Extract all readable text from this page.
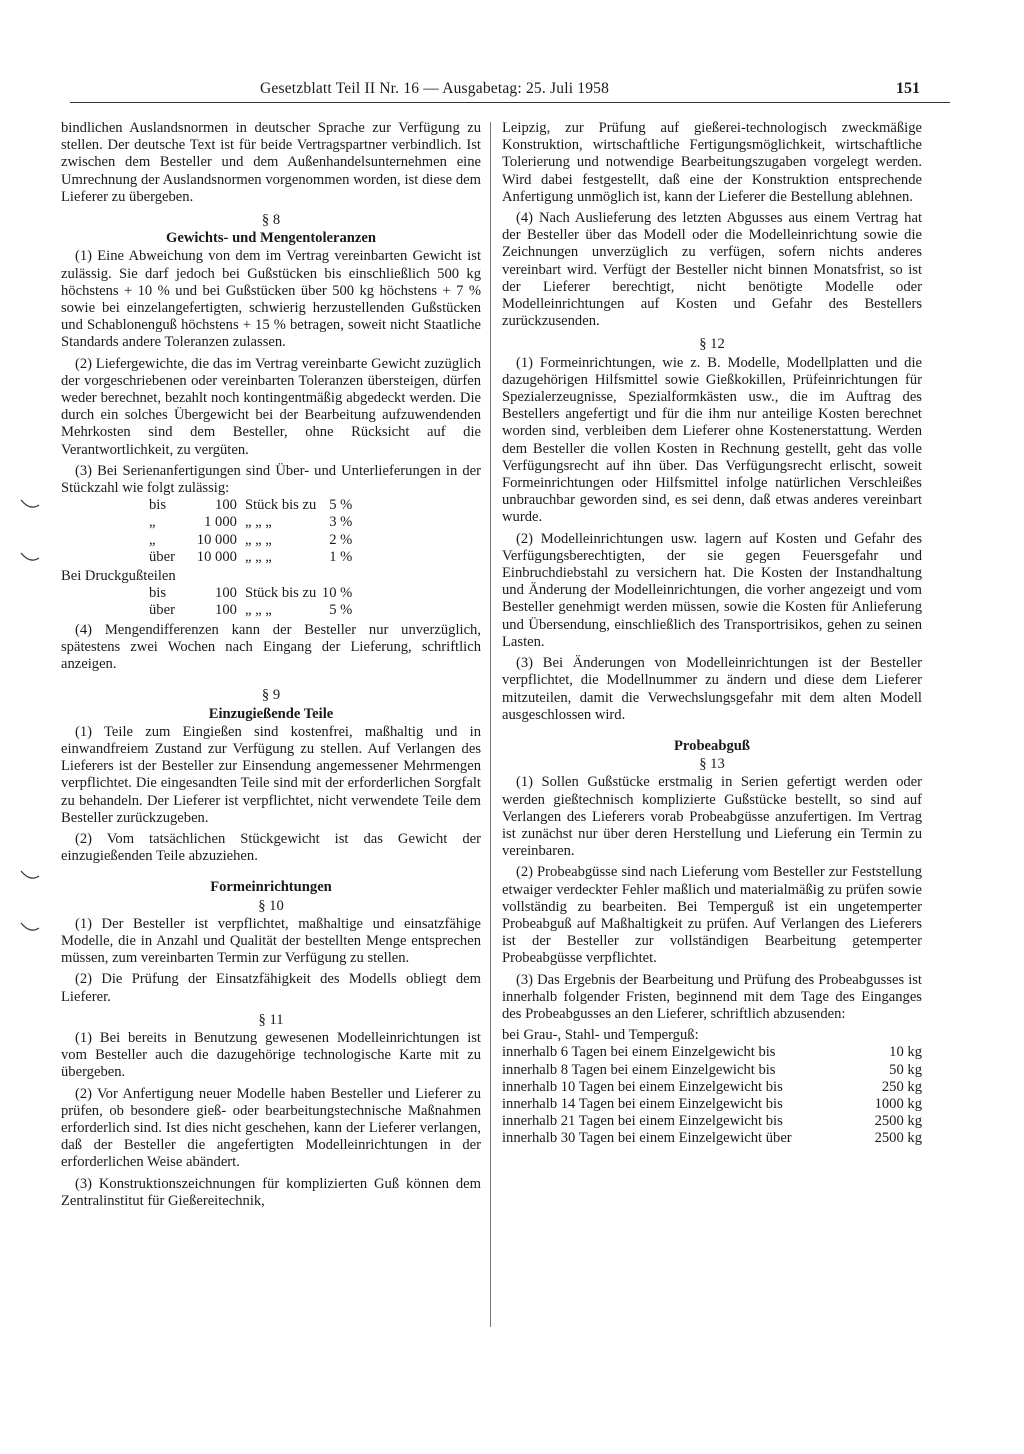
Gesetzblatt Teil II Nr. 16 — Ausgabetag: 25. Juli 1958	151

bindlichen Auslandsnormen in deutscher Sprache zur Verfügung zu stellen. Der deutsche Text ist für beide Vertragspartner verbindlich. Ist zwischen dem Besteller und dem Außenhandelsunternehmen eine Umrechnung der Auslandsnormen vorgenommen worden, ist diese dem Lieferer zu übergeben.

§ 8
Gewichts- und Mengentoleranzen

(1) Eine Abweichung von dem im Vertrag vereinbarten Gewicht ist zulässig. Sie darf jedoch bei Gußstücken bis einschließlich 500 kg höchstens + 10 % und bei Gußstücken über 500 kg höchstens + 7 % sowie bei einzelangefertigten, schwierig herzustellenden Gußstücken und Schablonenguß höchstens + 15 % betragen, soweit nicht Staatliche Standards andere Toleranzen zulassen.

(2) Liefergewichte, die das im Vertrag vereinbarte Gewicht zuzüglich der vorgeschriebenen oder vereinbarten Toleranzen übersteigen, dürfen weder berechnet, bezahlt noch kontingentmäßig abgedeckt werden. Die durch ein solches Übergewicht bei der Bearbeitung aufzuwendenden Mehrkosten sind dem Besteller, ohne Rücksicht auf die Verantwortlichkeit, zu vergüten.

(3) Bei Serienanfertigungen sind Über- und Unterlieferungen in der Stückzahl wie folgt zulässig:

bis	100	Stück bis zu	5 %
„	1 000	„ „ „	3 %
„	10 000	„ „ „	2 %
über	10 000	„ „ „	1 %
Bei Druckgußteilen
bis	100	Stück bis zu	10 %
über	100	„ „ „	5 %

(4) Mengendifferenzen kann der Besteller nur unverzüglich, spätestens zwei Wochen nach Eingang der Lieferung, schriftlich anzeigen.

§ 9
Einzugießende Teile

(1) Teile zum Eingießen sind kostenfrei, maßhaltig und in einwandfreiem Zustand zur Verfügung zu stellen. Auf Verlangen des Lieferers ist der Besteller zur Einsendung angemessener Mehrmengen verpflichtet. Die eingesandten Teile sind mit der erforderlichen Sorgfalt zu behandeln. Der Lieferer ist verpflichtet, nicht verwendete Teile dem Besteller zurückzugeben.

(2) Vom tatsächlichen Stückgewicht ist das Gewicht der einzugießenden Teile abzuziehen.

Formeinrichtungen
§ 10

(1) Der Besteller ist verpflichtet, maßhaltige und einsatzfähige Modelle, die in Anzahl und Qualität der bestellten Menge entsprechen müssen, zum vereinbarten Termin zur Verfügung zu stellen.

(2) Die Prüfung der Einsatzfähigkeit des Modells obliegt dem Lieferer.

§ 11

(1) Bei bereits in Benutzung gewesenen Modelleinrichtungen ist vom Besteller auch die dazugehörige technologische Karte mit zu übergeben.

(2) Vor Anfertigung neuer Modelle haben Besteller und Lieferer zu prüfen, ob besondere gieß- oder bearbeitungstechnische Maßnahmen erforderlich sind. Ist dies nicht geschehen, kann der Lieferer verlangen, daß der Besteller die angefertigten Modelleinrichtungen in der erforderlichen Weise abändert.

(3) Konstruktionszeichnungen für komplizierten Guß können dem Zentralinstitut für Gießereitechnik,

Leipzig, zur Prüfung auf gießerei-technologisch zweckmäßige Konstruktion, wirtschaftliche Fertigungsmöglichkeit, wirtschaftliche Tolerierung und notwendige Bearbeitungszugaben vorgelegt werden. Wird dabei festgestellt, daß eine der Konstruktion entsprechende Anfertigung unmöglich ist, kann der Lieferer die Bestellung ablehnen.

(4) Nach Auslieferung des letzten Abgusses aus einem Vertrag hat der Besteller über das Modell oder die Modelleinrichtung sowie die Zeichnungen unverzüglich zu verfügen, sofern nichts anderes vereinbart wird. Verfügt der Besteller nicht binnen Monatsfrist, so ist der Lieferer berechtigt, nicht benötigte Modelle oder Modelleinrichtungen auf Kosten und Gefahr des Bestellers zurückzusenden.

§ 12

(1) Formeinrichtungen, wie z. B. Modelle, Modellplatten und die dazugehörigen Hilfsmittel sowie Gießkokillen, Prüfeinrichtungen für Spezialerzeugnisse, Spezialformkästen usw., die im Auftrag des Bestellers angefertigt und für die ihm nur anteilige Kosten berechnet worden sind, verbleiben dem Lieferer ohne Kostenerstattung. Werden dem Besteller die vollen Kosten in Rechnung gestellt, geht das volle Verfügungsrecht auf ihn über. Das Verfügungsrecht erlischt, soweit Formeinrichtungen oder Hilfsmittel infolge natürlichen Verschleißes unbrauchbar geworden sind, es sei denn, daß etwas anderes vereinbart wurde.

(2) Modelleinrichtungen usw. lagern auf Kosten und Gefahr des Verfügungsberechtigten, der sie gegen Feuersgefahr und Einbruchdiebstahl zu versichern hat. Die Kosten der Instandhaltung und Änderung der Modelleinrichtungen, die vorher angezeigt und vom Besteller genehmigt werden müssen, sowie die Kosten für Anlieferung und Übersendung, einschließlich des Transportrisikos, gehen zu seinen Lasten.

(3) Bei Änderungen von Modelleinrichtungen ist der Besteller verpflichtet, die Modellnummer zu ändern und diese dem Lieferer mitzuteilen, damit die Verwechslungsgefahr mit dem alten Modell ausgeschlossen wird.

Probeabguß
§ 13

(1) Sollen Gußstücke erstmalig in Serien gefertigt werden oder werden gießtechnisch komplizierte Gußstücke bestellt, so sind auf Verlangen des Lieferers vorab Probeabgüsse anzufertigen. Im Vertrag ist zunächst nur über deren Herstellung und Lieferung ein Termin zu vereinbaren.

(2) Probeabgüsse sind nach Lieferung vom Besteller zur Feststellung etwaiger verdeckter Fehler maßlich und materialmäßig zu prüfen sowie vollständig zu bearbeiten. Bei Temperguß ist ein ungetemperter Probeabguß auf Maßhaltigkeit zu prüfen. Auf Verlangen des Lieferers ist der Besteller zur vollständigen Bearbeitung getemperter Probeabgüsse verpflichtet.

(3) Das Ergebnis der Bearbeitung und Prüfung des Probeabgusses ist innerhalb folgender Fristen, beginnend mit dem Tage des Einganges des Probeabgusses an den Lieferer, schriftlich abzusenden:

bei Grau-, Stahl- und Temperguß:
innerhalb 6 Tagen bei einem Einzelgewicht bis	10 kg
innerhalb 8 Tagen bei einem Einzelgewicht bis	50 kg
innerhalb 10 Tagen bei einem Einzelgewicht bis	250 kg
innerhalb 14 Tagen bei einem Einzelgewicht bis	1000 kg
innerhalb 21 Tagen bei einem Einzelgewicht bis	2500 kg
innerhalb 30 Tagen bei einem Einzelgewicht über	2500 kg
